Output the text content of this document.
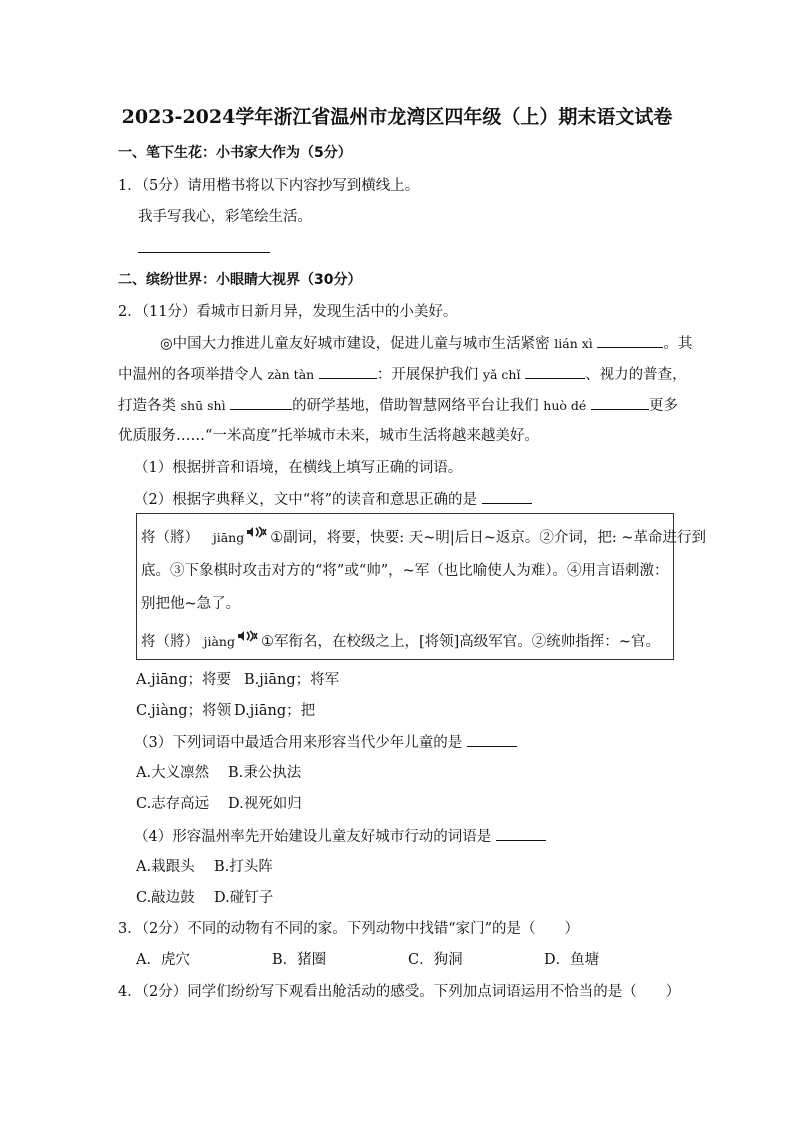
2023-2024学年浙江省温州市龙湾区四年级（上）期末语文试卷
一、笔下生花：小书家大作为（5分）
1．（5分）请用楷书将以下内容抄写到横线上。
我手写我心，彩笔绘生活。
二、缤纷世界：小眼睛大视界（30分）
2．（11分）看城市日新月异，发现生活中的小美好。
◎中国大力推进儿童友好城市建设，促进儿童与城市生活紧密 lián xì	。其
中温州的各项举措令人 zàn tàn	：开展保护我们 yǎ chǐ	、视力的普查，
打造各类 shū shì	的研学基地，借助智慧网络平台让我们 huò dé	更多
优质服务……“一米高度”托举城市未来，城市生活将越来越美好。
（1）根据拼音和语境，在横线上填写正确的词语。
（2）根据字典释义，文中“将”的读音和意思正确的是
将（將） jiāng ①副词，将要，快要: 天~明|后日~返京。②介词，把: ~革命进行到
底。③下象棋时攻击对方的“将”或“帅”，~军（也比喻使人为难）。④用言语刺激：
别把他~急了。
将（將） jiàng ①军衔名，在校级之上，[将领]高级军官。②统帅指挥：~官。
A.jiāng；将要 B.jiāng；将军
C.jiàng；将领 D.jiāng；把
（3）下列词语中最适合用来形容当代少年儿童的是
A.大义凛然 B.秉公执法
C.志存高远 D.视死如归
（4）形容温州率先开始建设儿童友好城市行动的词语是
A.栽跟头 B.打头阵
C.敲边鼓 D.碰钉子
3．（2分）不同的动物有不同的家。下列动物中找错“家门”的是（　　）
A．虎穴	B．猪圈	C．狗洞	D．鱼塘
4．（2分）同学们纷纷写下观看出舱活动的感受。下列加点词语运用不恰当的是（　　）
